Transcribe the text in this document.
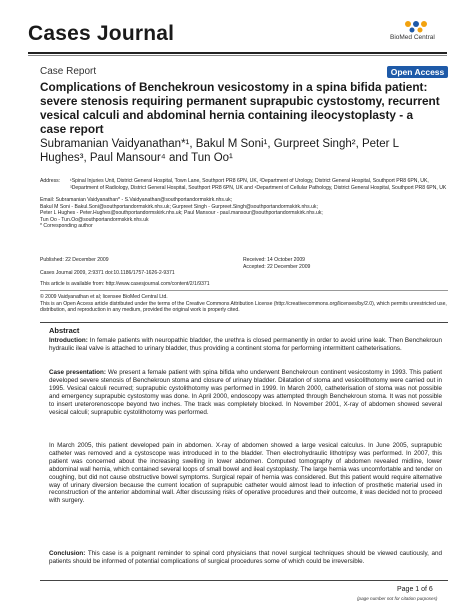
Cases Journal	BioMed Central
Case Report	Open Access
Complications of Benchekroun vesicostomy in a spina bifida patient: severe stenosis requiring permanent suprapubic cystostomy, recurrent vesical calculi and abdominal hernia containing ileocystoplasty - a case report
Subramanian Vaidyanathan*¹, Bakul M Soni¹, Gurpreet Singh², Peter L Hughes³, Paul Mansour⁴ and Tun Oo¹
Address: ¹Spinal Injuries Unit, District General Hospital, Town Lane, Southport PR8 6PN, UK, ²Department of Urology, District General Hospital, Southport PR8 6PN, UK, ³Department of Radiology, District General Hospital, Southport PR8 6PN, UK and ⁴Department of Cellular Pathology, District General Hospital, Southport PR8 6PN, UK
Email: Subramanian Vaidyanathan* - S.Vaidyanathan@southportandormskirk.nhs.uk;
Bakul M Soni - Bakul.Soni@southportandormskirk.nhs.uk; Gurpreet Singh - Gurpreet.Singh@southportandormskirk.nhs.uk;
Peter L Hughes - Peter.Hughes@southportandormskirk.nhs.uk; Paul Mansour - paul.mansour@southportandormskirk.nhs.uk;
Tun Oo - Tun.Oo@southportandormskirk.nhs.uk
* Corresponding author
Published: 22 December 2009	Received: 14 October 2009
Accepted: 22 December 2009
Cases Journal 2009, 2:9371 doi:10.1186/1757-1626-2-9371
This article is available from: http://www.casesjournal.com/content/2/1/9371
© 2009 Vaidyanathan et al; licensee BioMed Central Ltd.
This is an Open Access article distributed under the terms of the Creative Commons Attribution License (http://creativecommons.org/licenses/by/2.0), which permits unrestricted use, distribution, and reproduction in any medium, provided the original work is properly cited.
Abstract
Introduction: In female patients with neuropathic bladder, the urethra is closed permanently in order to avoid urine leak. Then Benchekroun hydraulic ileal valve is attached to urinary bladder, thus providing a continent stoma for performing intermittent catheterisations.
Case presentation: We present a female patient with spina bifida who underwent Benchekroun continent vesicostomy in 1993. This patient developed severe stenosis of Benchekroun stoma and closure of urinary bladder. Dilatation of stoma and vesicolithotomy were carried out in 1995. Vesical calculi recurred; suprapubic cystolithotomy was performed in 1999. In March 2000, catheterisation of stoma was not possible and emergency suprapubic cystostomy was done. In April 2000, endoscopy was attempted through Benchekroun stoma. It was not possible to insert ureterorenoscope beyond two inches. The track was completely blocked. In November 2001, X-ray of abdomen showed several vesical calculi; suprapubic cystolithotomy was performed.
In March 2005, this patient developed pain in abdomen. X-ray of abdomen showed a large vesical calculus. In June 2005, suprapubic catheter was removed and a cystoscope was introduced in to the bladder. Then electrohydraulic lithotripsy was performed. In 2007, this patient was concerned about the increasing swelling in lower abdomen. Computed tomography of abdomen revealed midline, lower abdominal wall hernia, which contained several loops of small bowel and ileal cystoplasty. The large hernia was uncomfortable and tender on coughing, but did not cause obstructive bowel symptoms. Surgical repair of hernia was considered. But this patient would require alternative way of urinary diversion because the current location of suprapubic catheter would almost lead to infection of prosthetic material used in reconstruction of the anterior abdominal wall. After discussing risks of operative procedures and their outcome, it was decided not to proceed with surgery.
Conclusion: This case is a poignant reminder to spinal cord physicians that novel surgical techniques should be viewed cautiously, and patients should be informed of potential complications of surgical procedures some of which could be irreversible.
Page 1 of 6
(page number not for citation purposes)
